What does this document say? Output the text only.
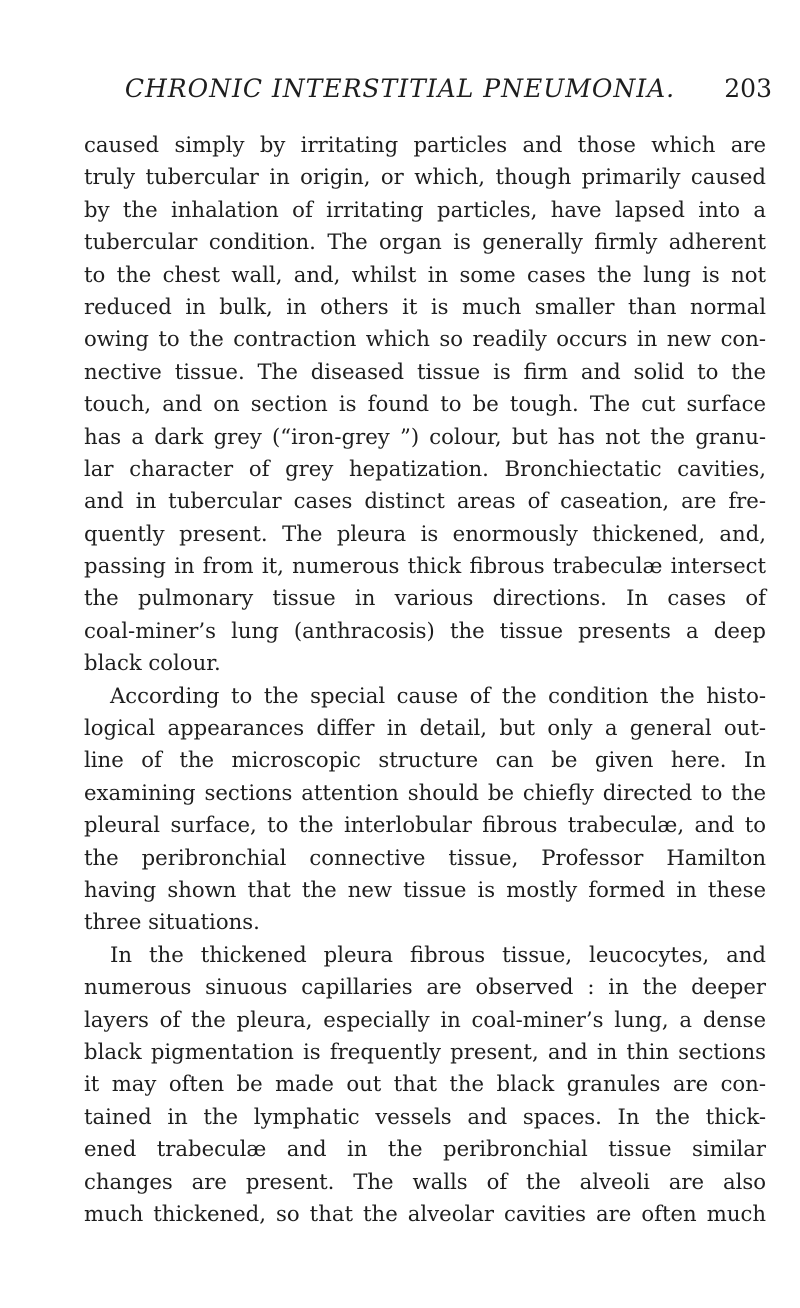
CHRONIC INTERSTITIAL PNEUMONIA.	203
caused simply by irritating particles and those which are
truly tubercular in origin, or which, though primarily caused
by the inhalation of irritating particles, have lapsed into a
tubercular condition. The organ is generally firmly adherent
to the chest wall, and, whilst in some cases the lung is not
reduced in bulk, in others it is much smaller than normal
owing to the contraction which so readily occurs in new con-
nective tissue. The diseased tissue is firm and solid to the
touch, and on section is found to be tough. The cut surface
has a dark grey (“iron-grey ”) colour, but has not the granu-
lar character of grey hepatization. Bronchiectatic cavities,
and in tubercular cases distinct areas of caseation, are fre-
quently present. The pleura is enormously thickened, and,
passing in from it, numerous thick fibrous trabeculæ intersect
the pulmonary tissue in various directions. In cases of
coal-miner’s lung (anthracosis) the tissue presents a deep
black colour.
According to the special cause of the condition the histo-
logical appearances differ in detail, but only a general out-
line of the microscopic structure can be given here. In
examining sections attention should be chiefly directed to the
pleural surface, to the interlobular fibrous trabeculæ, and to
the peribronchial connective tissue, Professor Hamilton
having shown that the new tissue is mostly formed in these
three situations.
In the thickened pleura fibrous tissue, leucocytes, and
numerous sinuous capillaries are observed : in the deeper
layers of the pleura, especially in coal-miner’s lung, a dense
black pigmentation is frequently present, and in thin sections
it may often be made out that the black granules are con-
tained in the lymphatic vessels and spaces. In the thick-
ened trabeculæ and in the peribronchial tissue similar
changes are present. The walls of the alveoli are also
much thickened, so that the alveolar cavities are often much
